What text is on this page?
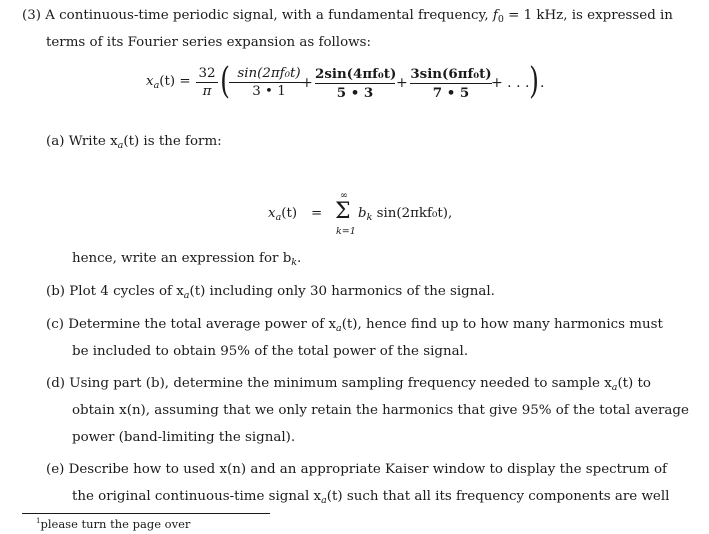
(3) A continuous-time periodic signal, with a fundamental frequency, $f_0 = 1$ kHz, is expressed in
terms of its Fourier series expansion as follows:
$x_a(t)$ =
32
π ( sin(2πf₀t)
3 • 1
+
2sin(4πf₀t)
5 • 3
+
3sin(6πf₀t)
7 • 5
+ . . . ) .
(a) Write $x_a(t)$ is the form:
$x_a(t)$ =
∞
Σ
k=1
$b_k$ sin(2πkf₀t),
hence, write an expression for $b_k$.
(b) Plot 4 cycles of $x_a(t)$ including only 30 harmonics of the signal.
(c) Determine the total average power of $x_a(t)$, hence find up to how many harmonics must
be included to obtain 95% of the total power of the signal.
(d) Using part (b), determine the minimum sampling frequency needed to sample $x_a(t)$ to
obtain x(n), assuming that we only retain the harmonics that give 95% of the total average
power (band-limiting the signal).
(e) Describe how to used x(n) and an appropriate Kaiser window to display the spectrum of
the original continuous-time signal $x_a(t)$ such that all its frequency components are well
$^1$please turn the page over
